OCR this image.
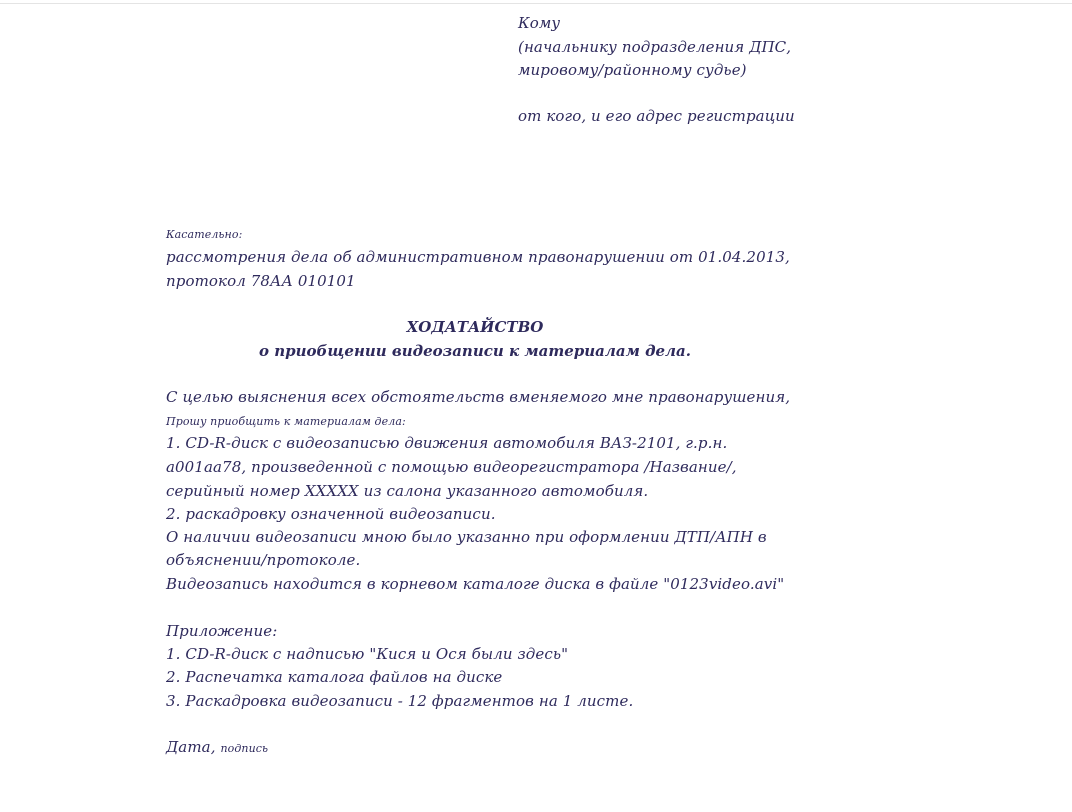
Кому
(начальнику подразделения ДПС,
мировому/районному судье)
от кого, и его адрес регистрации
Касательно:
рассмотрения дела об административном правонарушении от 01.04.2013,
протокол 78АА 010101
ХОДАТАЙСТВО
о приобщении видеозаписи к материалам дела.
С целью выяснения всех обстоятельств вменяемого мне правонарушения,
Прошу приобщить к материалам дела:
1. CD-R-диск с видеозаписью движения автомобиля ВАЗ-2101, г.р.н.
а001аа78, произведенной с помощью видеорегистратора /Название/,
серийный номер ХХХХХ из салона указанного автомобиля.
2. раскадровку означенной видеозаписи.
О наличии видеозаписи мною было указанно при оформлении ДТП/АПН в
объяснении/протоколе.
Видеозапись находится в корневом каталоге диска в файле "0123video.avi"
Приложение:
1. CD-R-диск с надписью "Кися и Ося были здесь"
2. Распечатка каталога файлов на диске
3. Раскадровка видеозаписи - 12 фрагментов на 1 листе.
Дата, подпись
